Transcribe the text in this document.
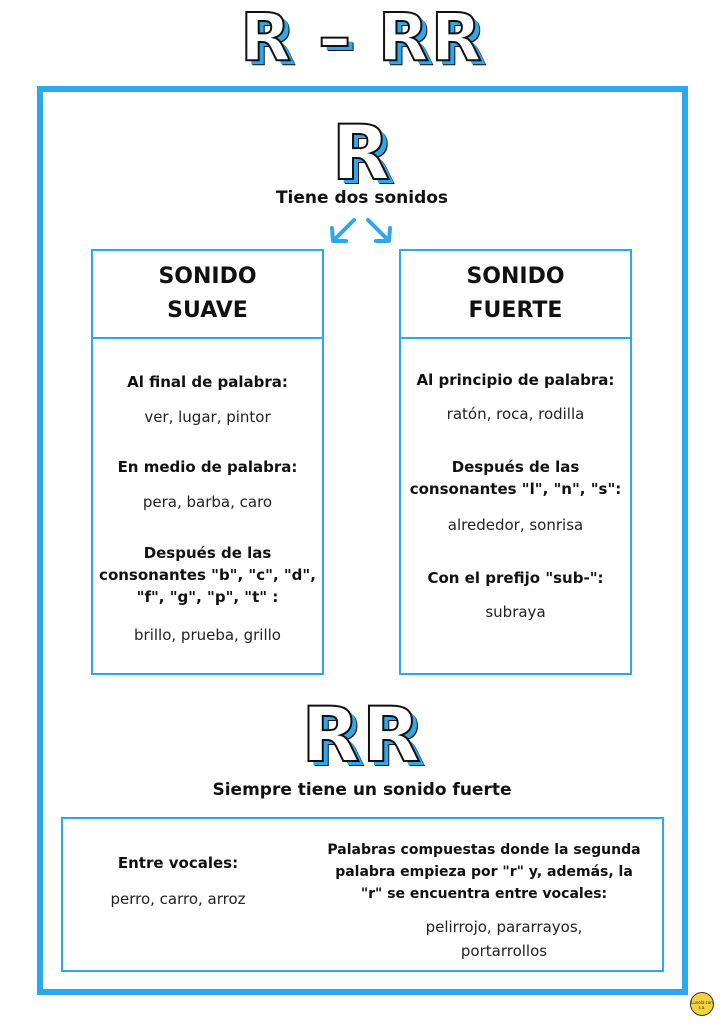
R – RR
R
Tiene dos sonidos
SONIDO
SUAVE
Al final de palabra:
ver, lugar, pintor
En medio de palabra:
pera, barba, caro
Después de las
consonantes "b", "c", "d",
"f", "g", "p", "t" :
brillo, prueba, grillo
SONIDO
FUERTE
Al principio de palabra:
ratón, roca, rodilla
Después de las
consonantes "l", "n", "s":
alrededor, sonrisa
Con el prefijo "sub-":
subraya
RR
Siempre tiene un sonido fuerte
Entre vocales:
perro, carro, arroz
Palabras compuestas donde la segunda
palabra empieza por "r" y, además, la
"r" se encuentra entre vocales:
pelirrojo, pararrayos,
portarrollos
Lunela con s.a.
